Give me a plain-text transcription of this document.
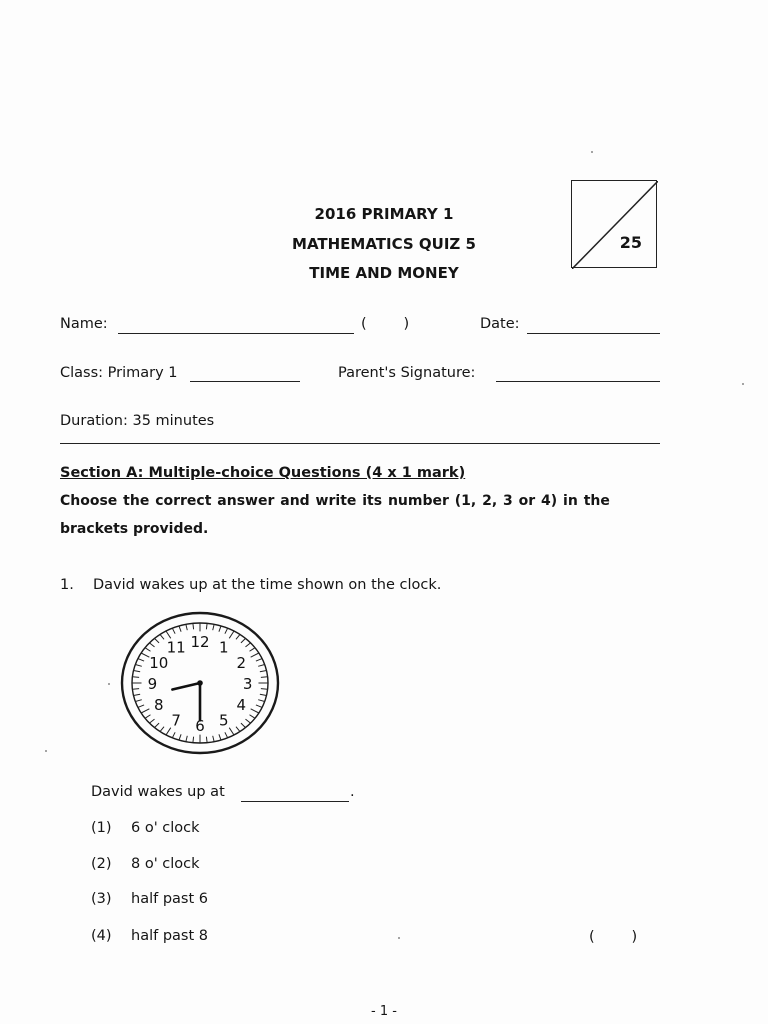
2016 PRIMARY 1
MATHEMATICS QUIZ 5
TIME AND MONEY
25
Name:	(        )	Date:
Class: Primary 1	Parent's Signature:
Duration: 35 minutes
Section A: Multiple-choice Questions (4 x 1 mark)
Choose the correct answer and write its number (1, 2, 3 or 4) in the
brackets provided.
1. David wakes up at the time shown on the clock.
12 1
2
3
4
5
6
7
8
9
10
11
David wakes up at	.
(1) 6 o' clock
(2) 8 o' clock
(3) half past 6
(4) half past 8	(        )
- 1 -
